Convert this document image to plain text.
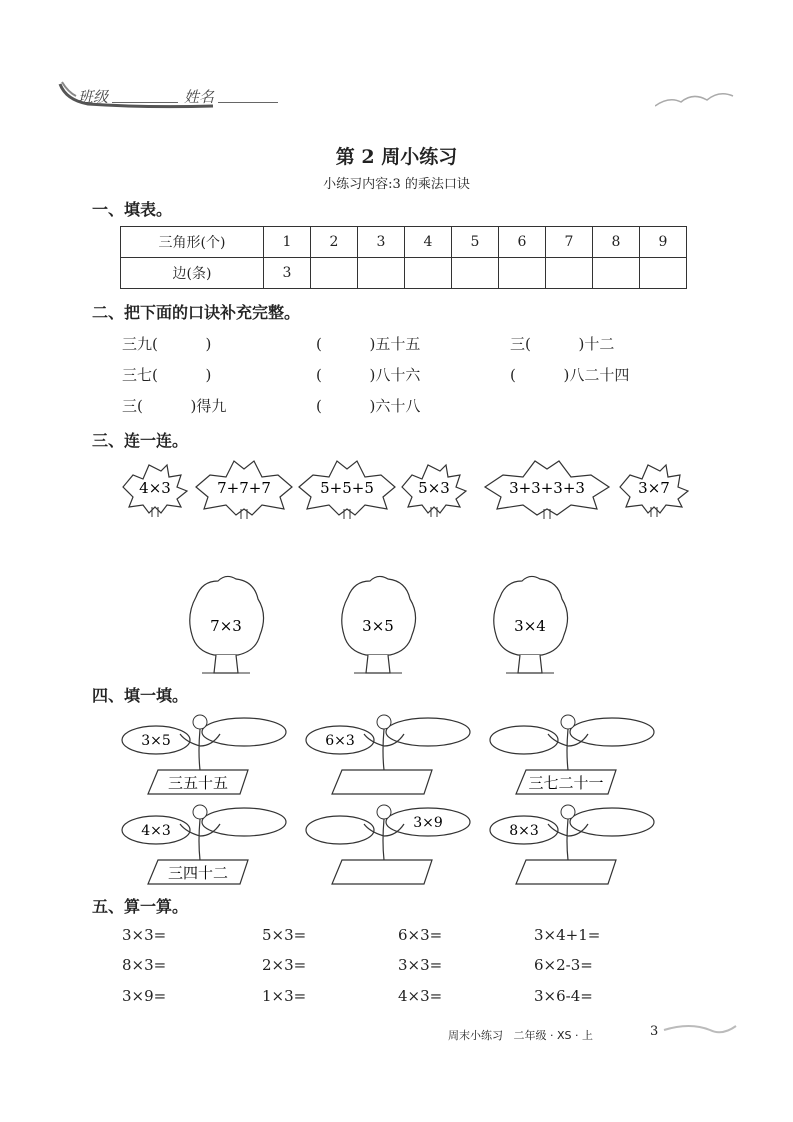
班级	姓名
第 2 周小练习
小练习内容:3 的乘法口诀
一、填表。
三角形(个)	1	2	3	4	5	6	7	8	9
边(条)	3								
二、把下面的口诀补充完整。
三九(          )	(          )五十五	三(          )十二
三七(          )	(          )八十六	(          )八二十四
三(          )得九	(          )六十八
三、连一连。
4×3	7+7+7	5+5+5	5×3	3+3+3+3	3×7
7×3	3×5	3×4
3×5
三五十五
6×3
三七二十一
4×3
三四十二
3×9	8×3
四、填一填。
五、算一算。
3×3=	5×3=	6×3=	3×4+1=
8×3=	2×3=	3×3=	6×2-3=
3×9=	1×3=	4×3=	3×6-4=
周末小练习   二年级 · XS · 上	3
